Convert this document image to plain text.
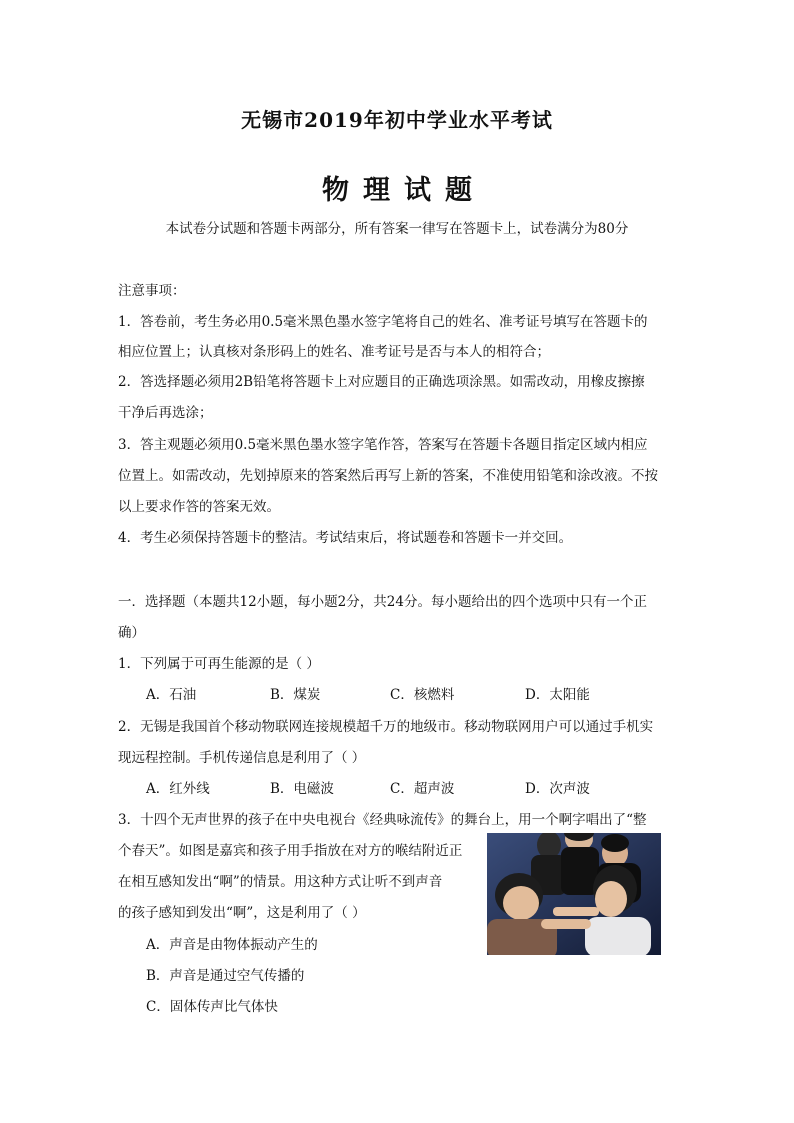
无锡市2019年初中学业水平考试
物 理 试 题
本试卷分试题和答题卡两部分，所有答案一律写在答题卡上，试卷满分为80分
注意事项：
1．答卷前，考生务必用0.5毫米黑色墨水签字笔将自己的姓名、准考证号填写在答题卡的
相应位置上；认真核对条形码上的姓名、准考证号是否与本人的相符合；
2．答选择题必须用2B铅笔将答题卡上对应题目的正确选项涂黑。如需改动，用橡皮擦擦
干净后再选涂；
3．答主观题必须用0.5毫米黑色墨水签字笔作答，答案写在答题卡各题目指定区域内相应
位置上。如需改动，先划掉原来的答案然后再写上新的答案，不准使用铅笔和涂改液。不按
以上要求作答的答案无效。
4．考生必须保持答题卡的整洁。考试结束后，将试题卷和答题卡一并交回。
一．选择题（本题共12小题，每小题2分，共24分。每小题给出的四个选项中只有一个正
确）
1．下列属于可再生能源的是（ ）
A．石油	B．煤炭	C．核燃料	D．太阳能
2．无锡是我国首个移动物联网连接规模超千万的地级市。移动物联网用户可以通过手机实
现远程控制。手机传递信息是利用了（ ）
A．红外线	B．电磁波	C．超声波	D．次声波
3．十四个无声世界的孩子在中央电视台《经典咏流传》的舞台上，用一个啊字唱出了“整
个春天”。如图是嘉宾和孩子用手指放在对方的喉结附近正
在相互感知发出“啊”的情景。用这种方式让听不到声音
的孩子感知到发出“啊”，这是利用了（ ）
A．声音是由物体振动产生的
B．声音是通过空气传播的
C．固体传声比气体快
